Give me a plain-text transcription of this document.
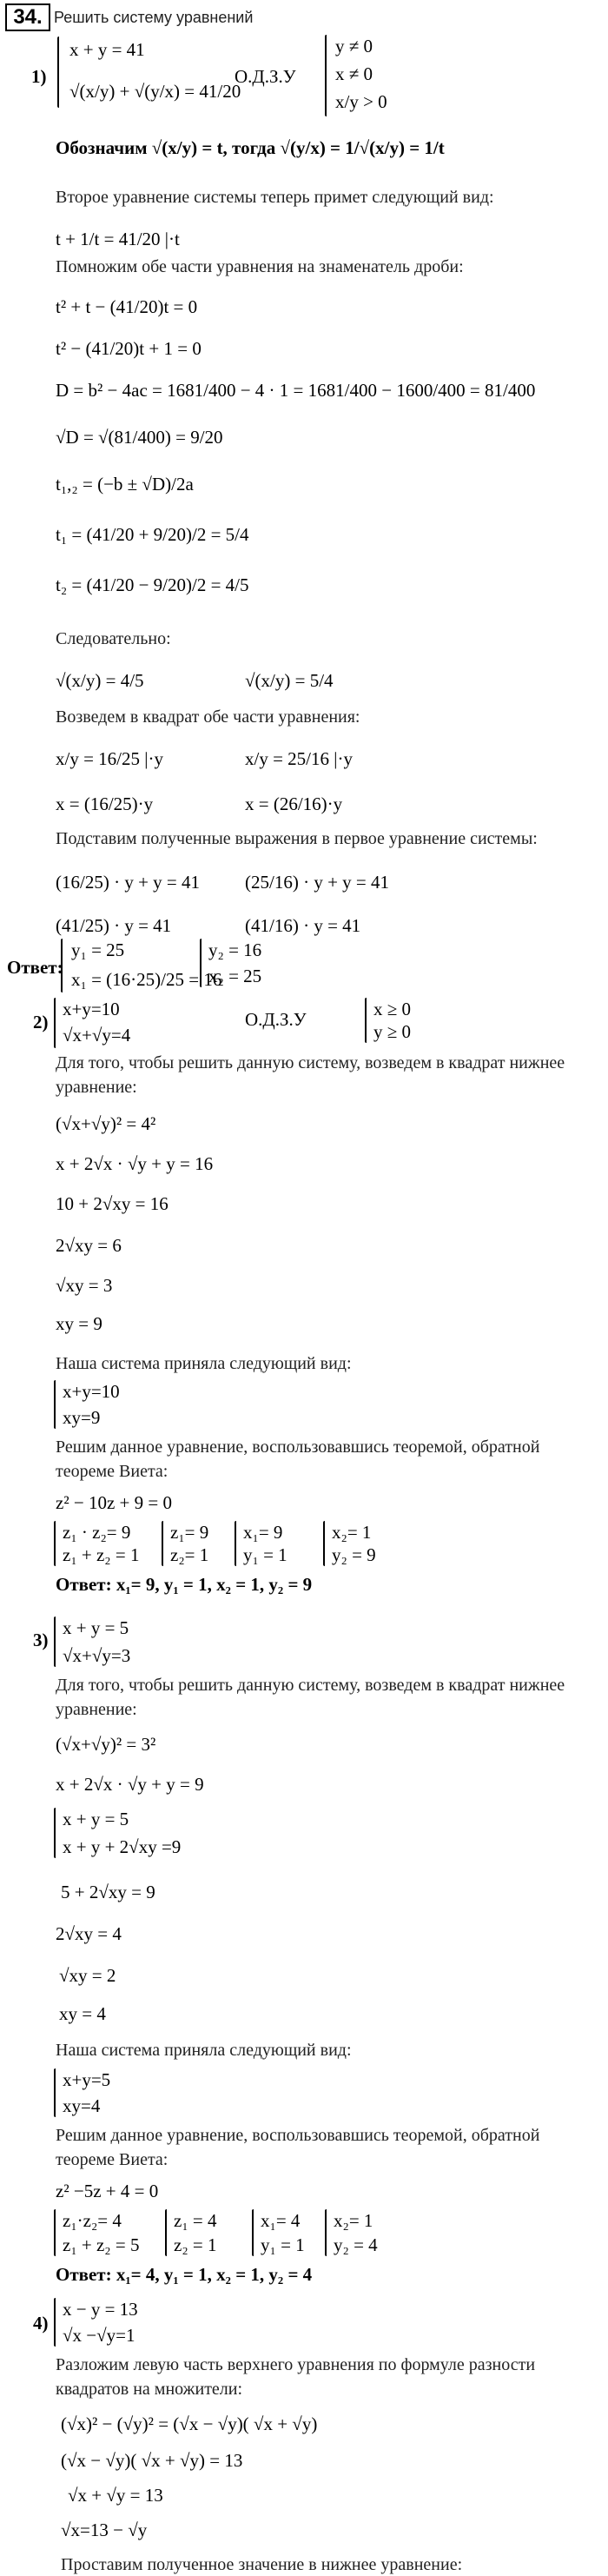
34. Решить систему уравнений
1)
x + y = 41
√(x/y) + √(y/x) = 41/20
О.Д.З.У
y ≠ 0
x ≠ 0
x/y > 0
Обозначим √(x/y) = t, тогда √(y/x) = 1/√(x/y) = 1/t
Второе уравнение системы теперь примет следующий вид:
t + 1/t = 41/20 |·t
Помножим обе части уравнения на знаменатель дроби:
t² + t − (41/20)t = 0
t² − (41/20)t + 1 = 0
D = b² − 4ac = 1681/400 − 4 · 1 = 1681/400 − 1600/400 = 81/400
√D = √(81/400) = 9/20
t₁,₂ = (−b ± √D)/2a
t₁ = (41/20 + 9/20)/2 = 5/4
t₂ = (41/20 − 9/20)/2 = 4/5
Следовательно:
√(x/y) = 4/5	√(x/y) = 5/4
Возведем в квадрат обе части уравнения:
x/y = 16/25 |·y	x/y = 25/16 |·y
x = (16/25)·y	x = (26/16)·y
Подставим полученные выражения в первое уравнение системы:
(16/25) · y + y = 41 (25/16) · y + y = 41
(41/25) · y = 41	(41/16) · y = 41
Ответ:
y₁ = 25
x₁ = (16·25)/25 = 16
y₂ = 16
x₂ = 25
2)
x+y=10
√x+√y=4
О.Д.З.У	x ≥ 0
y ≥ 0
Для того, чтобы решить данную систему, возведем в квадрат нижнее
уравнение:
(√x+√y)² = 4²
x + 2√x · √y + y = 16
10 + 2√xy = 16
2√xy = 6
√xy = 3
xy = 9
Наша система приняла следующий вид:
x+y=10
xy=9
Решим данное уравнение, воспользовавшись теоремой, обратной
теореме Виета:
z² − 10z + 9 = 0
z₁ · z₂= 9
z₁ + z₂ = 1
z₁= 9
z₂= 1
x₁= 9
y₁ = 1
x₂= 1
y₂ = 9
Ответ: x₁= 9, y₁ = 1, x₂ = 1, y₂ = 9
3)
x + y = 5
√x+√y=3
Для того, чтобы решить данную систему, возведем в квадрат нижнее
уравнение:
(√x+√y)² = 3²
x + 2√x · √y + y = 9
x + y = 5
x + y + 2√xy =9
5 + 2√xy = 9
2√xy = 4
√xy = 2
xy = 4
Наша система приняла следующий вид:
x+y=5
xy=4
Решим данное уравнение, воспользовавшись теоремой, обратной
теореме Виета:
z² −5z + 4 = 0
z₁·z₂= 4
z₁ + z₂ = 5
z₁ = 4
z₂ = 1
x₁= 4
y₁ = 1
x₂= 1
y₂ = 4
Ответ: x₁= 4, y₁ = 1, x₂ = 1, y₂ = 4
4)
x − y = 13
√x −√y=1
Разложим левую часть верхнего уравнения по формуле разности
квадратов на множители:
(√x)² − (√y)² = (√x − √y)( √x + √y)
(√x − √y)( √x + √y) = 13
√x + √y = 13
√x=13 − √y
Проставим полученное значение в нижнее уравнение:
